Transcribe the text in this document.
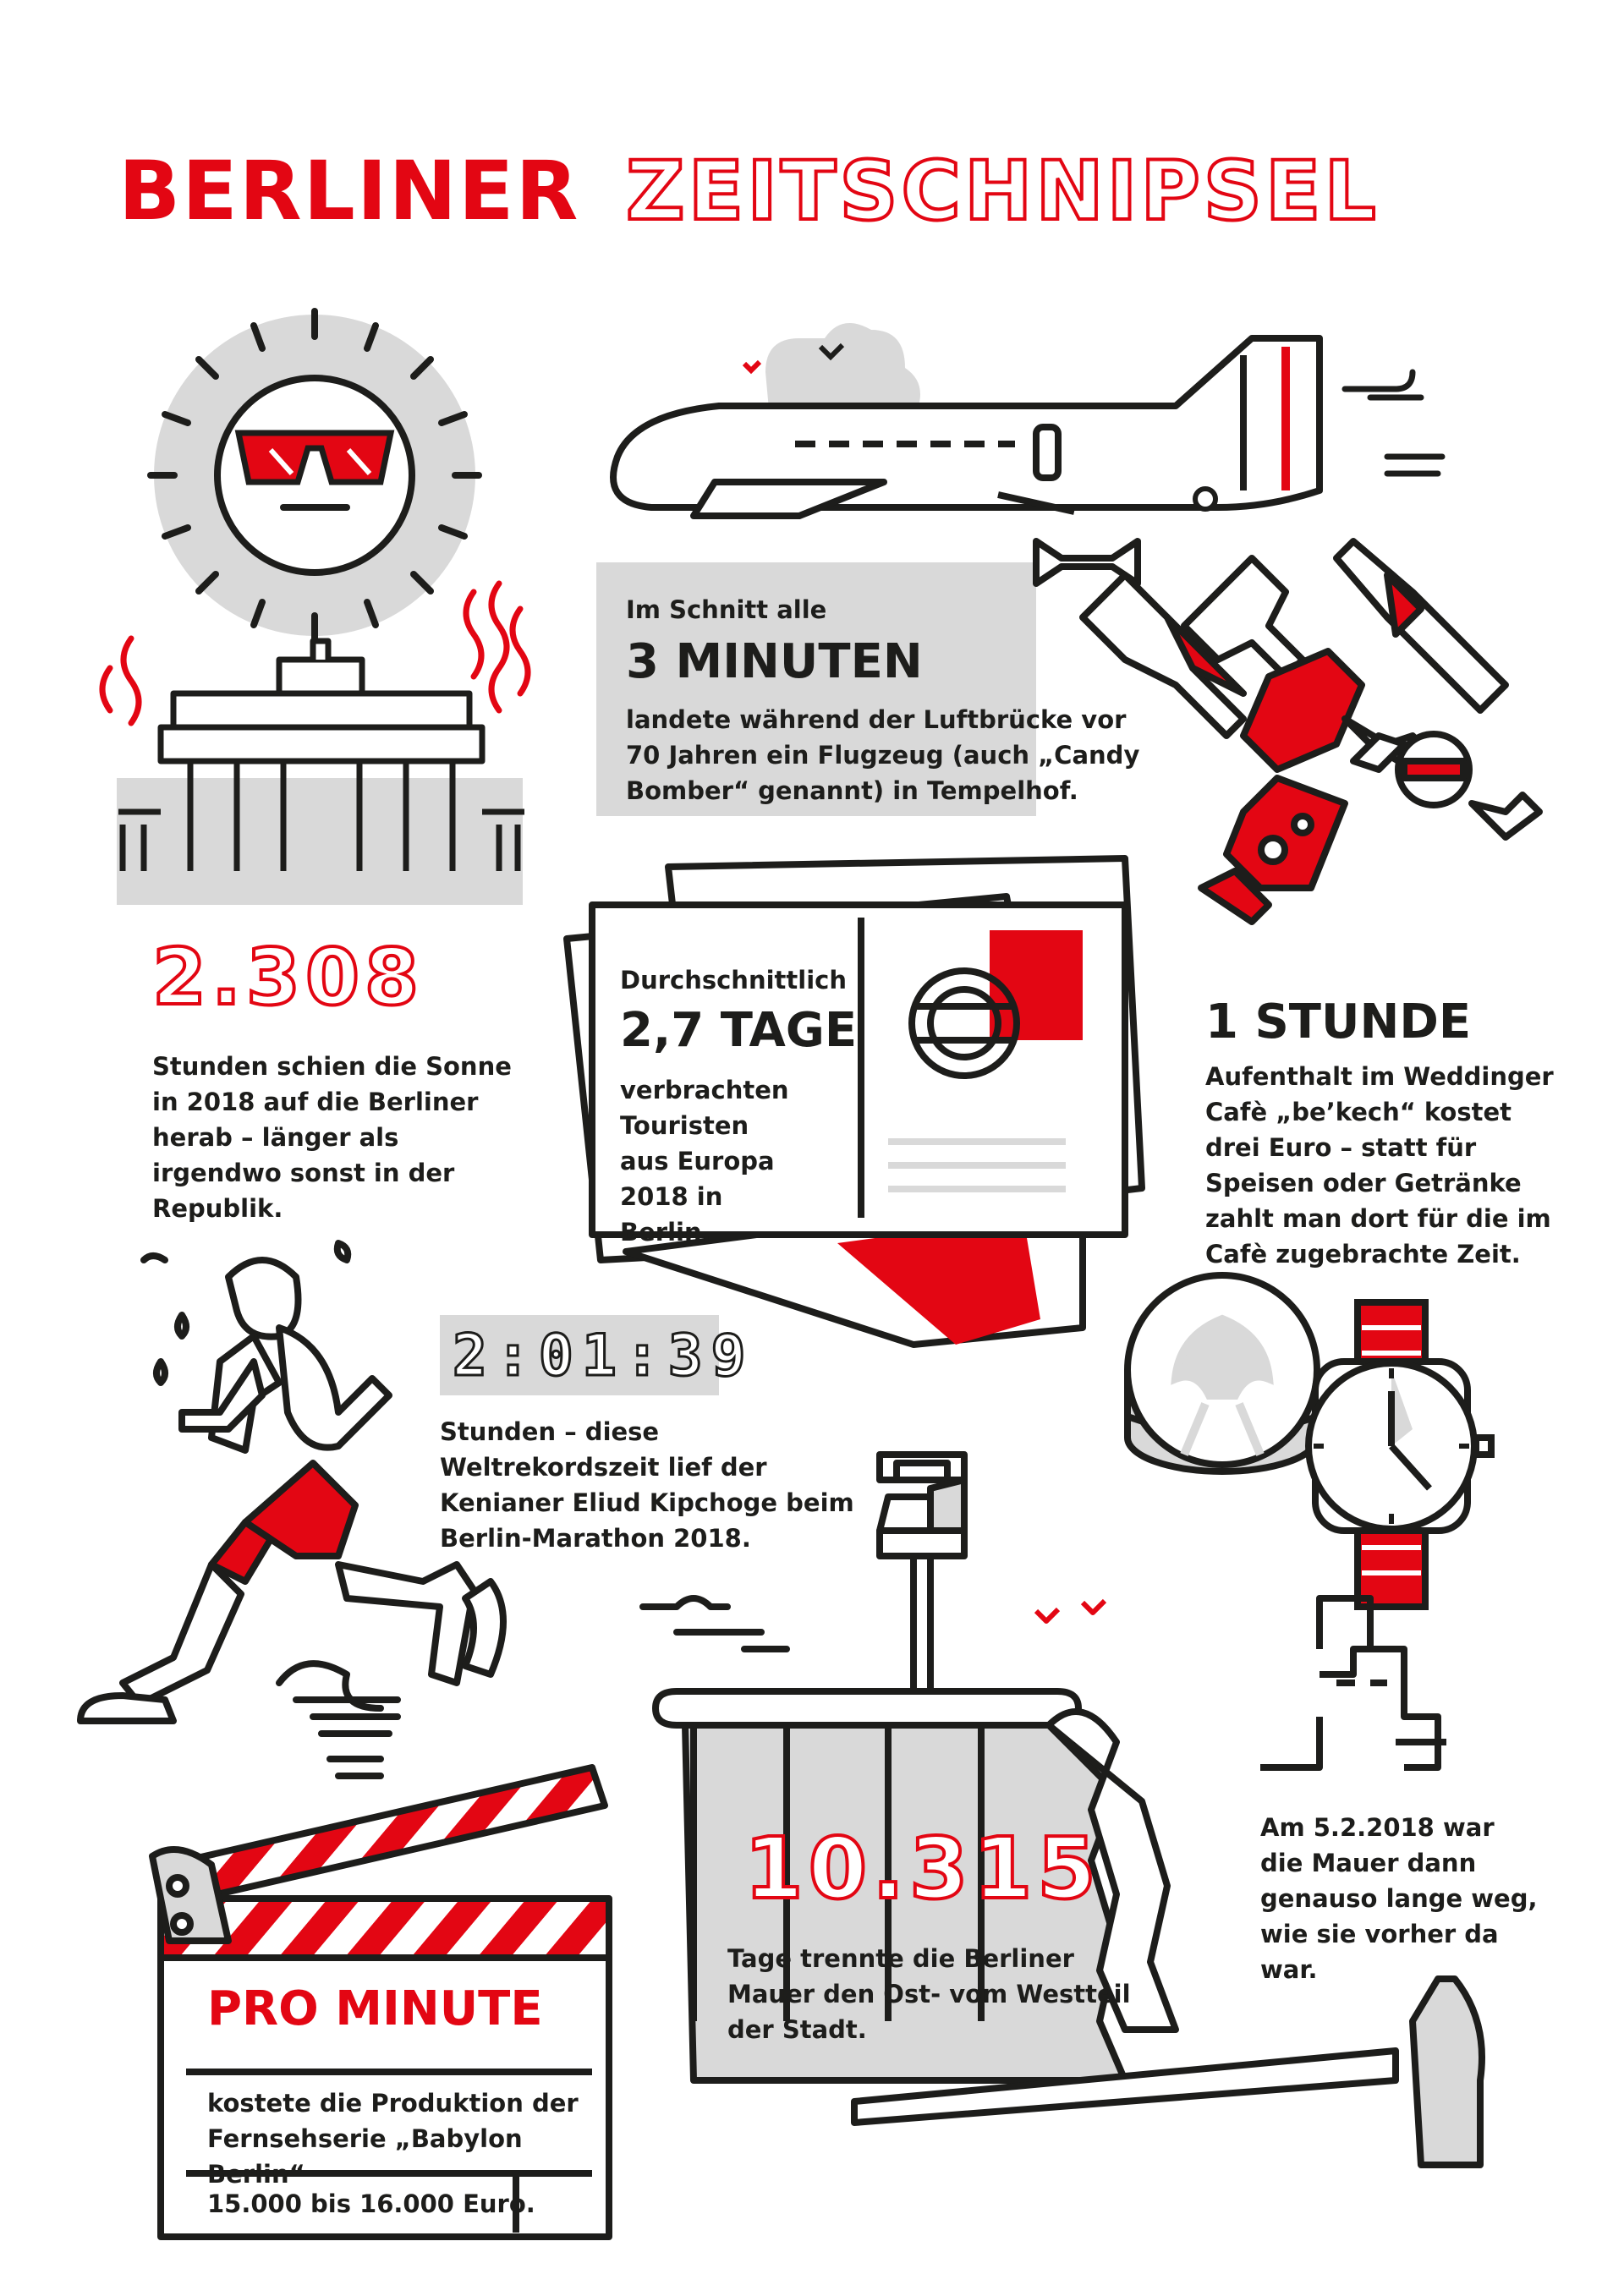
BERLINER ZEITSCHNIPSEL
2.308

Stunden schien die Sonne in 2018 auf die Berliner herab – länger als irgendwo sonst in der Republik.

Im Schnitt alle

3 MINUTEN

landete während der Luftbrücke vor 70 Jahren ein Flugzeug (auch „Candy Bomber“ genannt) in Tempelhof.

Durchschnittlich

2,7 TAGE

verbrachten Touristen aus Europa 2018 in Berlin.

1 STUNDE

Aufenthalt im Weddinger Cafè „be’kech“ kostet drei Euro – statt für Speisen oder Getränke zahlt man dort für die im Cafè zugebrachte Zeit.

2:01:39

Stunden – diese Weltrekordszeit lief der Kenianer Eliud Kipchoge beim Berlin-Marathon 2018.

10.315

Tage trennte die Berliner Mauer den Ost- vom Westteil der Stadt.

Am 5.2.2018 war die Mauer dann genauso lange weg, wie sie vorher da war.

PRO MINUTE

kostete die Produktion der Fernsehserie „Babylon Berlin“

15.000 bis 16.000 Euro.
